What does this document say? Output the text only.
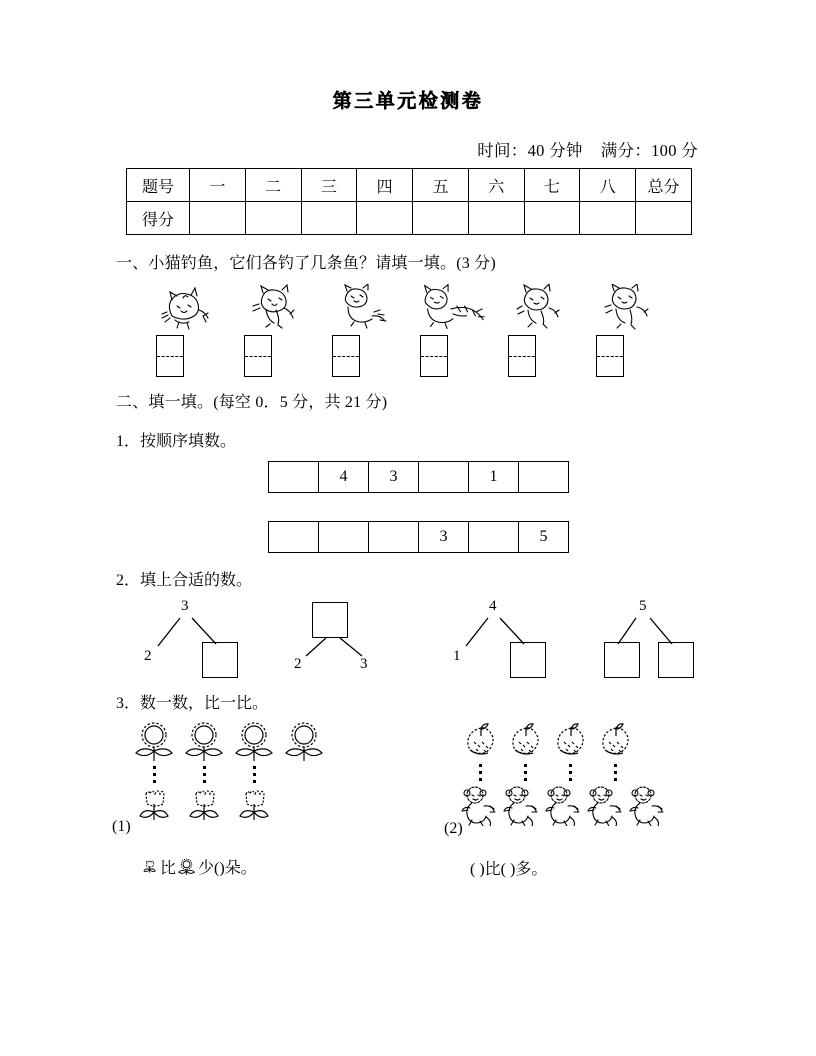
第三单元检测卷
时间：40 分钟 满分：100 分
题号	一	二	三	四	五	六	七	八	总分
得分									
一、小猫钓鱼，它们各钓了几条鱼？请填一填。(3 分)
二、填一填。(每空 0．5 分，共 21 分)
1．按顺序填数。
	4	3		1	
			3		5
2．填上合适的数。
3
2	2	3
4
1
5
3．数一数，比一比。
(1)
比 少()朵。
(2)
( )比( )多。
